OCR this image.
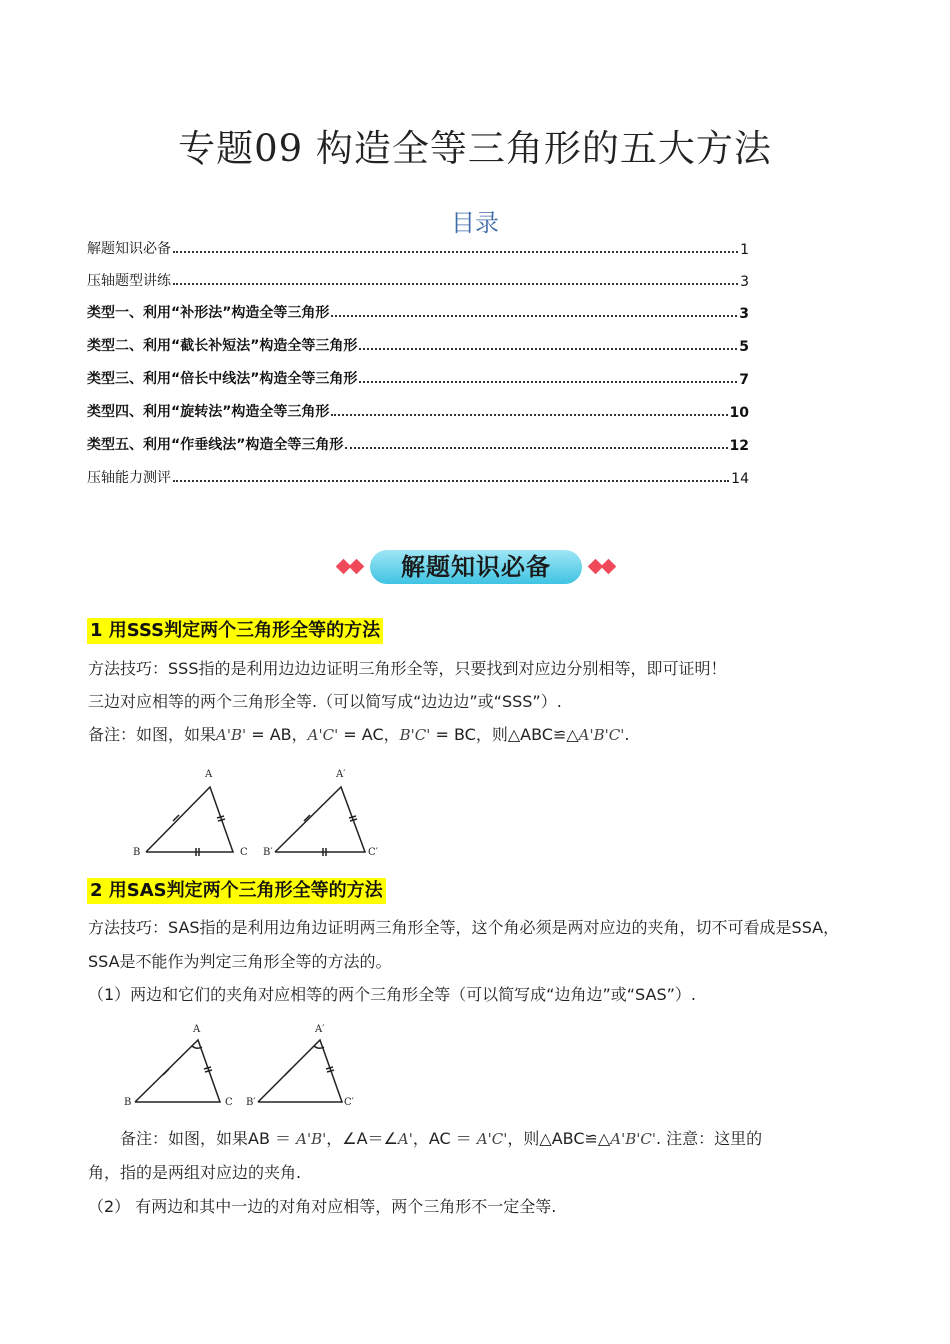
专题09 构造全等三角形的五大方法
目录
解题知识必备	1
压轴题型讲练	3
类型一、利用“补形法”构造全等三角形	3
类型二、利用“截长补短法”构造全等三角形	5
类型三、利用“倍长中线法”构造全等三角形	7
类型四、利用“旋转法”构造全等三角形	10
类型五、利用“作垂线法”构造全等三角形	12
压轴能力测评	14
解题知识必备
1 用SSS判定两个三角形全等的方法
方法技巧：SSS指的是利用边边边证明三角形全等，只要找到对应边分别相等，即可证明！
三边对应相等的两个三角形全等.（可以简写成“边边边”或“SSS”）.
备注：如图，如果A'B' = AB，A'C' = AC，B'C' = BC，则△ABC≌△A'B'C'.
A
B	C
A′
B′	C′
2 用SAS判定两个三角形全等的方法
方法技巧：SAS指的是利用边角边证明两三角形全等，这个角必须是两对应边的夹角，切不可看成是SSA，SSA是不能作为判定三角形全等的方法的。
（1）两边和它们的夹角对应相等的两个三角形全等（可以简写成“边角边”或“SAS”）.
A
B	C
A′
B′	C′
备注：如图，如果AB ＝ A'B'，∠A＝∠A'，AC ＝ A'C'，则△ABC≌△A'B'C'. 注意：这里的
角，指的是两组对应边的夹角.
（2） 有两边和其中一边的对角对应相等，两个三角形不一定全等.
